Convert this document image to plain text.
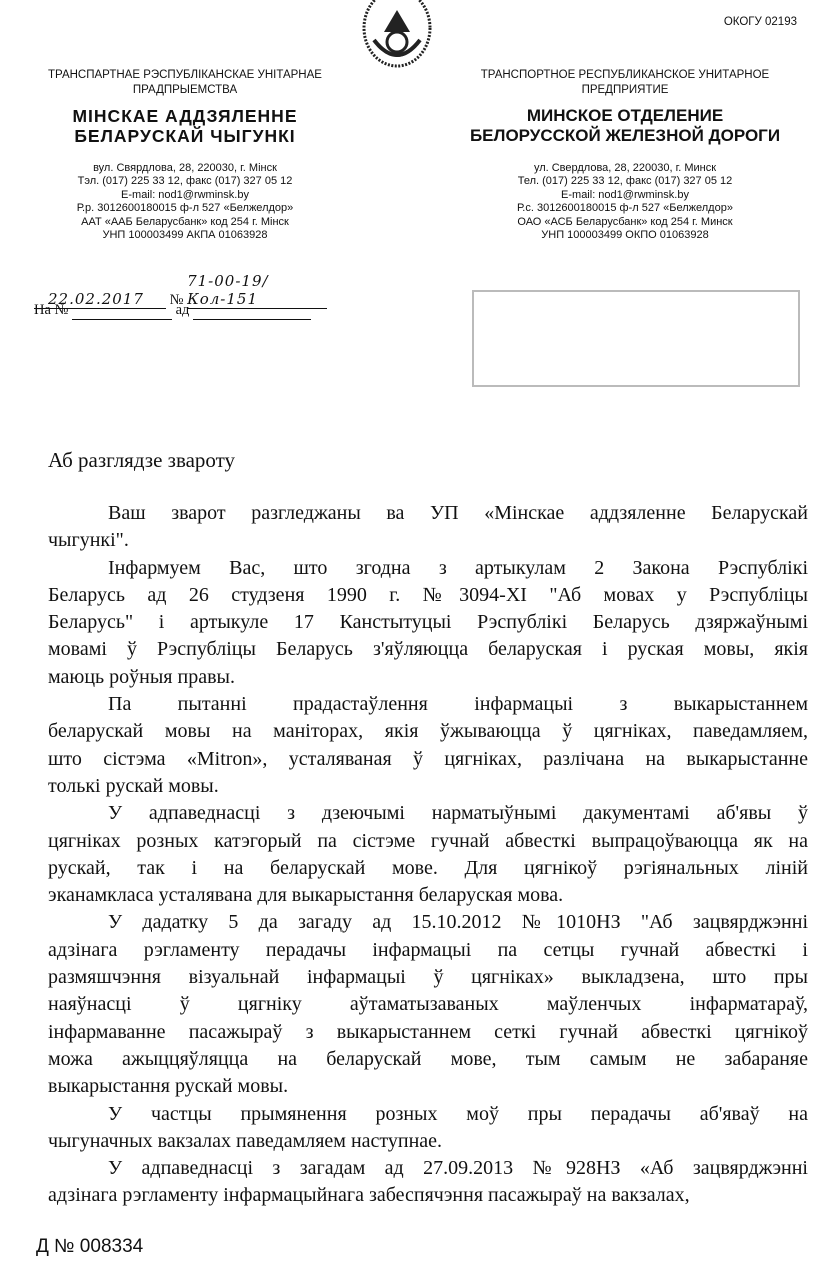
ОКОГУ 02193
ТРАНСПАРТНАЕ РЭСПУБЛІКАНСКАЕ УНІТАРНАЕ
ПРАДПРЫЕМСТВА
МІНСКАЕ АДДЗЯЛЕННЕ
БЕЛАРУСКАЙ ЧЫГУНКІ
вул. Свярдлова, 28, 220030, г. Мінск
Тэл. (017) 225 33 12, факс (017) 327 05 12
E-mail: nod1@rwminsk.by
Р.р. 3012600180015 ф-л 527 «Белжелдор»
ААТ «ААБ Беларусбанк» код 254 г. Мінск
УНП 100003499 АКПА 01063928
ТРАНСПОРТНОЕ РЕСПУБЛИКАНСКОЕ УНИТАРНОЕ
ПРЕДПРИЯТИЕ
МИНСКОЕ ОТДЕЛЕНИЕ
БЕЛОРУССКОЙ ЖЕЛЕЗНОЙ ДОРОГИ
ул. Свердлова, 28, 220030, г. Минск
Тел. (017) 225 33 12, факс (017) 327 05 12
E-mail: nod1@rwminsk.by
Р.с. 3012600180015 ф-л 527 «Белжелдор»
ОАО «АСБ Беларусбанк» код 254 г. Минск
УНП 100003499 ОКПО 01063928
22.02.2017 № 71-00-19/Кол-151
На №	ад
Аб разглядзе звароту
Ваш зварот разгледжаны ва УП «Мінскае аддзяленне Беларускай
чыгункі".
Інфармуем Вас, што згодна з артыкулам 2 Закона Рэспублікі
Беларусь ад 26 студзеня 1990 г. №3094-XI "Аб мовах у Рэспубліцы
Беларусь" і артыкуле 17 Канстытуцыі Рэспублікі Беларусь дзяржаўнымі
мовамі ў Рэспубліцы Беларусь з'яўляюцца беларуская і руская мовы, якія
маюць роўныя правы.
Па пытанні прадастаўлення інфармацыі з выкарыстаннем
беларускай мовы на маніторах, якія ўжываюцца ў цягніках, паведамляем,
што сістэма «Mitron», усталяваная ў цягніках, разлічана на выкарыстанне
толькі рускай мовы.
У адпаведнасці з дзеючымі нарматыўнымі дакументамі аб'явы ў
цягніках розных катэгорый па сістэме гучнай абвесткі выпрацоўваюцца як на
рускай, так і на беларускай мове. Для цягнікоў рэгіянальных ліній
эканамкласа усталявана для выкарыстання беларуская мова.
У дадатку 5 да загаду ад 15.10.2012 №1010НЗ "Аб зацвярджэнні
адзінага рэгламенту перадачы інфармацыі па сетцы гучнай абвесткі і
размяшчэння візуальнай інфармацыі ў цягніках» выкладзена, што пры
наяўнасці ў цягніку аўтаматызаваных маўленчых інфарматараў,
інфармаванне пасажыраў з выкарыстаннем сеткі гучнай абвесткі цягнікоў
можа ажыццяўляцца на беларускай мове, тым самым не забараняе
выкарыстання рускай мовы.
У частцы прымянення розных моў пры перадачы аб'яваў на
чыгуначных вакзалах паведамляем наступнае.
У адпаведнасці з загадам ад 27.09.2013 №928НЗ «Аб зацвярджэнні
адзінага рэгламенту інфармацыйнага забеспячэння пасажыраў на вакзалах,
Д № 008334
